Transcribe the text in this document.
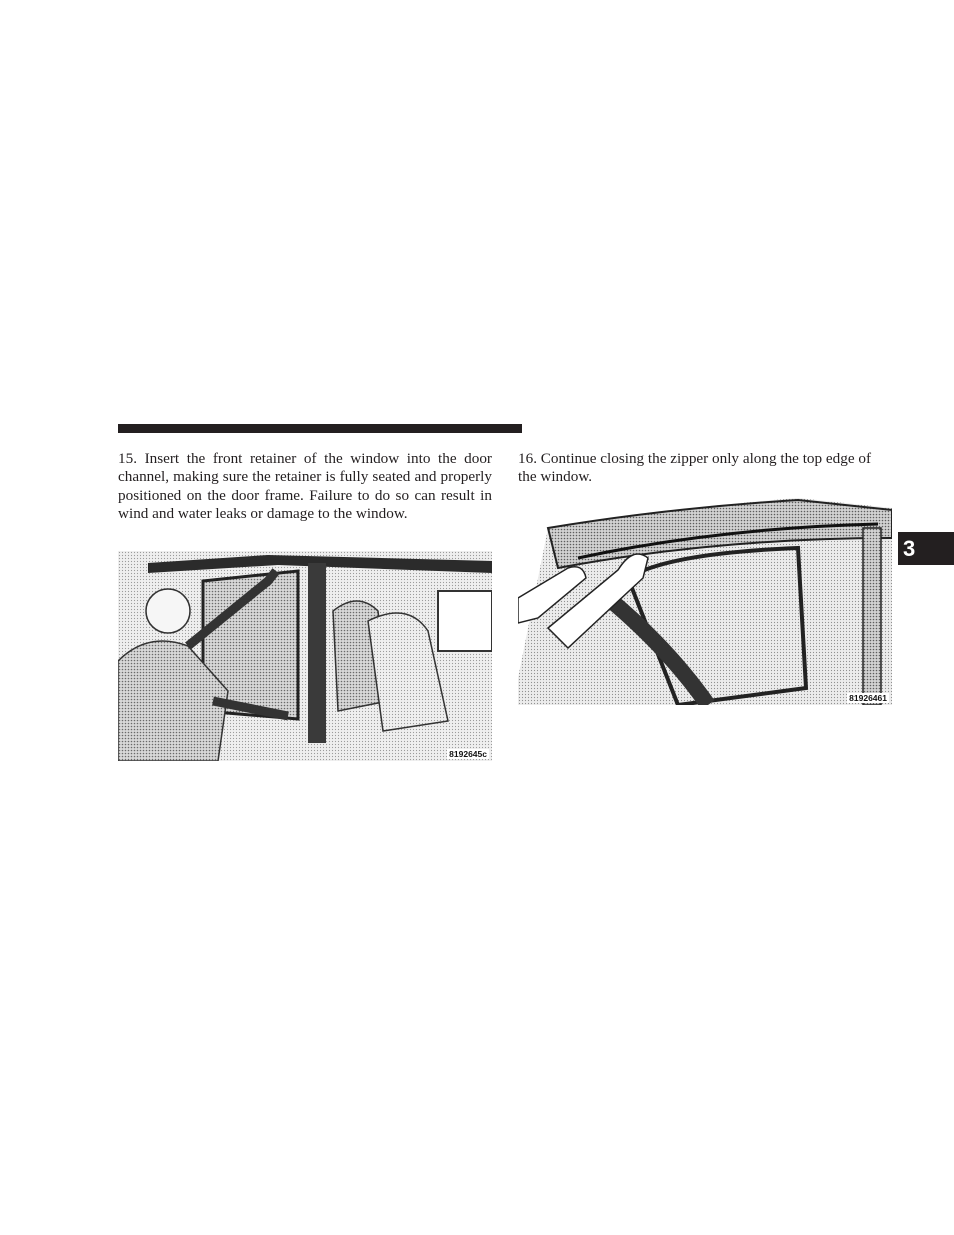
15. Insert the front retainer of the window into the door channel, making sure the retainer is fully seated and properly positioned on the door frame. Failure to do so can result in wind and water leaks or damage to the window.

8192645c

16. Continue closing the zipper only along the top edge of the window.

81926461
3
